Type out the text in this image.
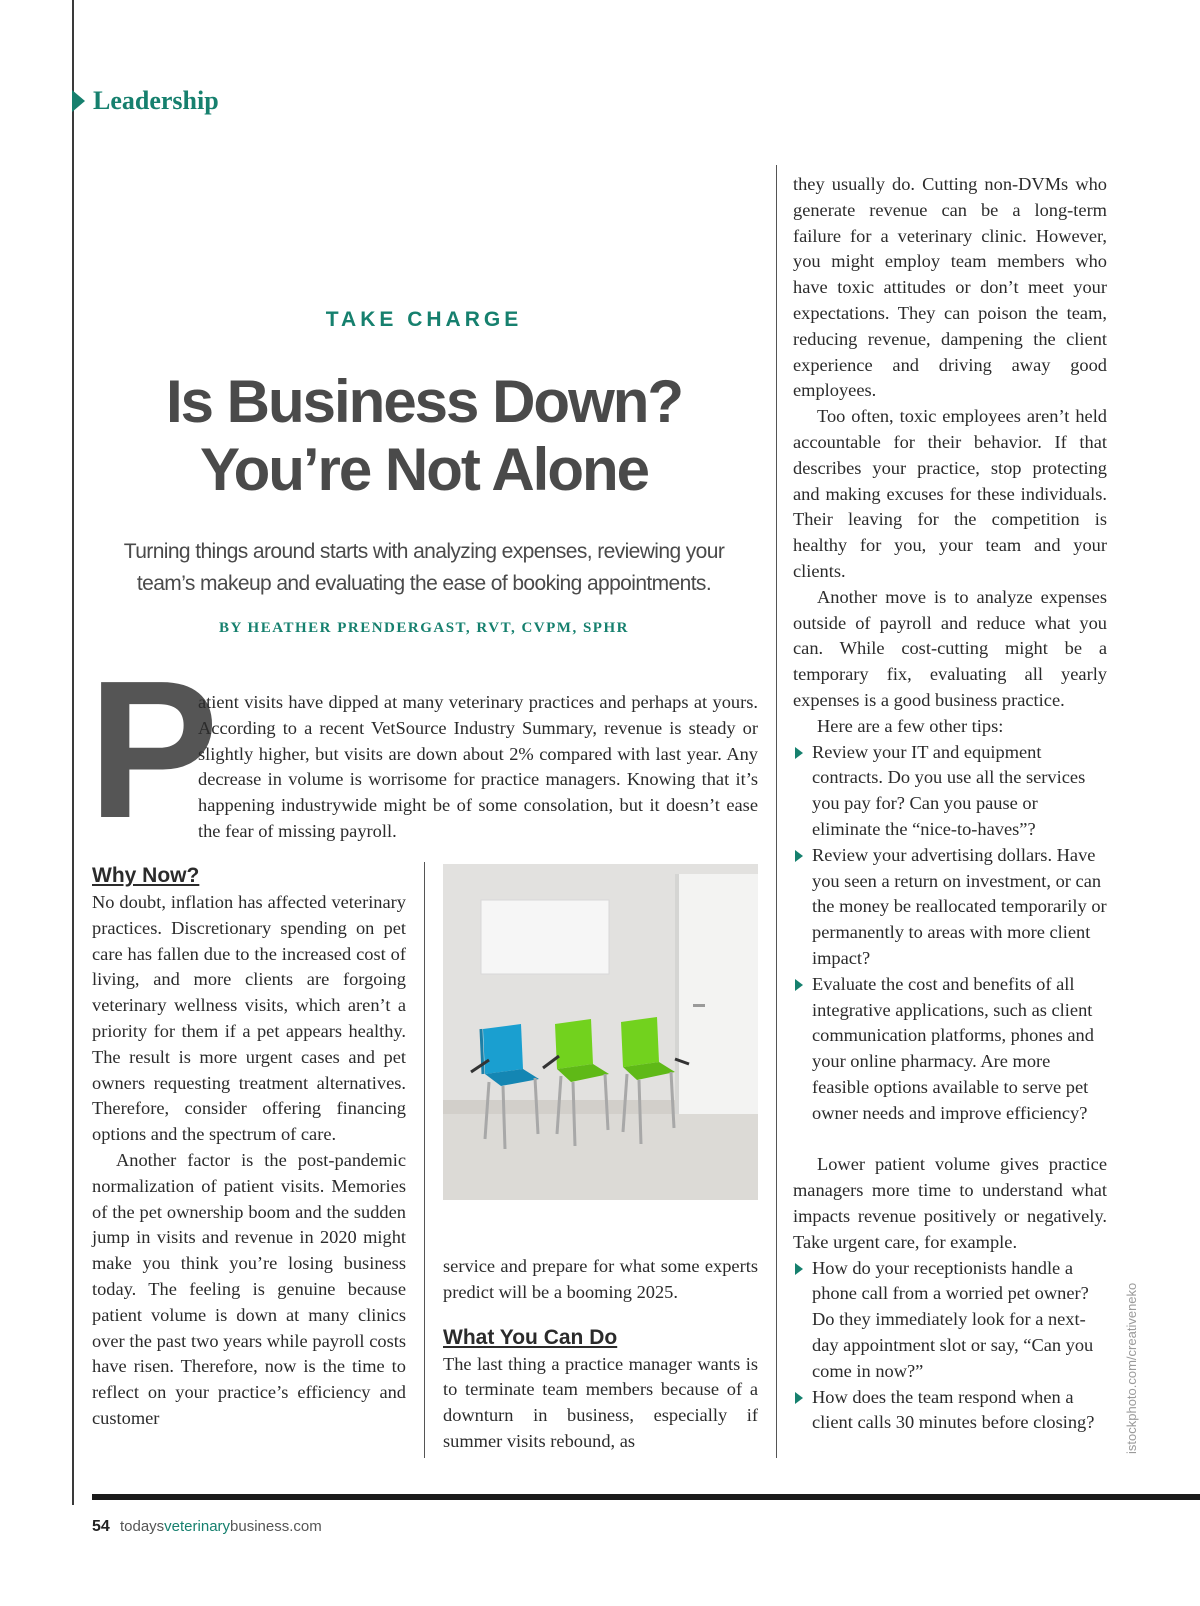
Leadership
TAKE CHARGE
Is Business Down?
You’re Not Alone
Turning things around starts with analyzing expenses, reviewing your team’s makeup and evaluating the ease of booking appointments.
BY HEATHER PRENDERGAST, RVT, CVPM, SPHR
P
atient visits have dipped at many veterinary practices and perhaps at yours. According to a recent VetSource Industry Summary, revenue is steady or slightly higher, but visits are down about 2% compared with last year. Any decrease in volume is worrisome for practice managers. Knowing that it’s happening industrywide might be of some consolation, but it doesn’t ease the fear of missing payroll.
Why Now?

No doubt, inflation has affected veterinary practices. Discretionary spending on pet care has fallen due to the increased cost of living, and more clients are forgoing veterinary wellness visits, which aren’t a priority for them if a pet appears healthy. The result is more urgent cases and pet owners requesting treatment alternatives. Therefore, consider offering financing options and the spectrum of care.

Another factor is the post-pandemic normalization of patient visits. Memories of the pet ownership boom and the sudden jump in visits and revenue in 2020 might make you think you’re losing business today. The feeling is genuine because patient volume is down at many clinics over the past two years while payroll costs have risen. Therefore, now is the time to reflect on your practice’s efficiency and customer

service and prepare for what some experts predict will be a booming 2025.

What You Can Do

The last thing a practice manager wants is to terminate team members because of a downturn in business, especially if summer visits rebound, as

they usually do. Cutting non-DVMs who generate revenue can be a long-term failure for a veterinary clinic. However, you might employ team members who have toxic attitudes or don’t meet your expectations. They can poison the team, reducing revenue, dampening the client experience and driving away good employees.

Too often, toxic employees aren’t held accountable for their behavior. If that describes your practice, stop protecting and making excuses for these individuals. Their leaving for the competition is healthy for you, your team and your clients.

Another move is to analyze expenses outside of payroll and reduce what you can. While cost-cutting might be a temporary fix, evaluating all yearly expenses is a good business practice.

Here are a few other tips:

Review your IT and equipment contracts. Do you use all the services you pay for? Can you pause or eliminate the “nice-to-haves”?
Review your advertising dollars. Have you seen a return on investment, or can the money be reallocated temporarily or permanently to areas with more client impact?
Evaluate the cost and benefits of all integrative applications, such as client communication platforms, phones and your online pharmacy. Are more feasible options available to serve pet owner needs and improve efficiency?

Lower patient volume gives practice managers more time to understand what impacts revenue positively or negatively. Take urgent care, for example.

How do your receptionists handle a phone call from a worried pet owner? Do they immediately look for a next-day appointment slot or say, “Can you come in now?”
How does the team respond when a client calls 30 minutes before closing?	istockphoto.com/creativeneko
54 todaysveterinarybusiness.com
